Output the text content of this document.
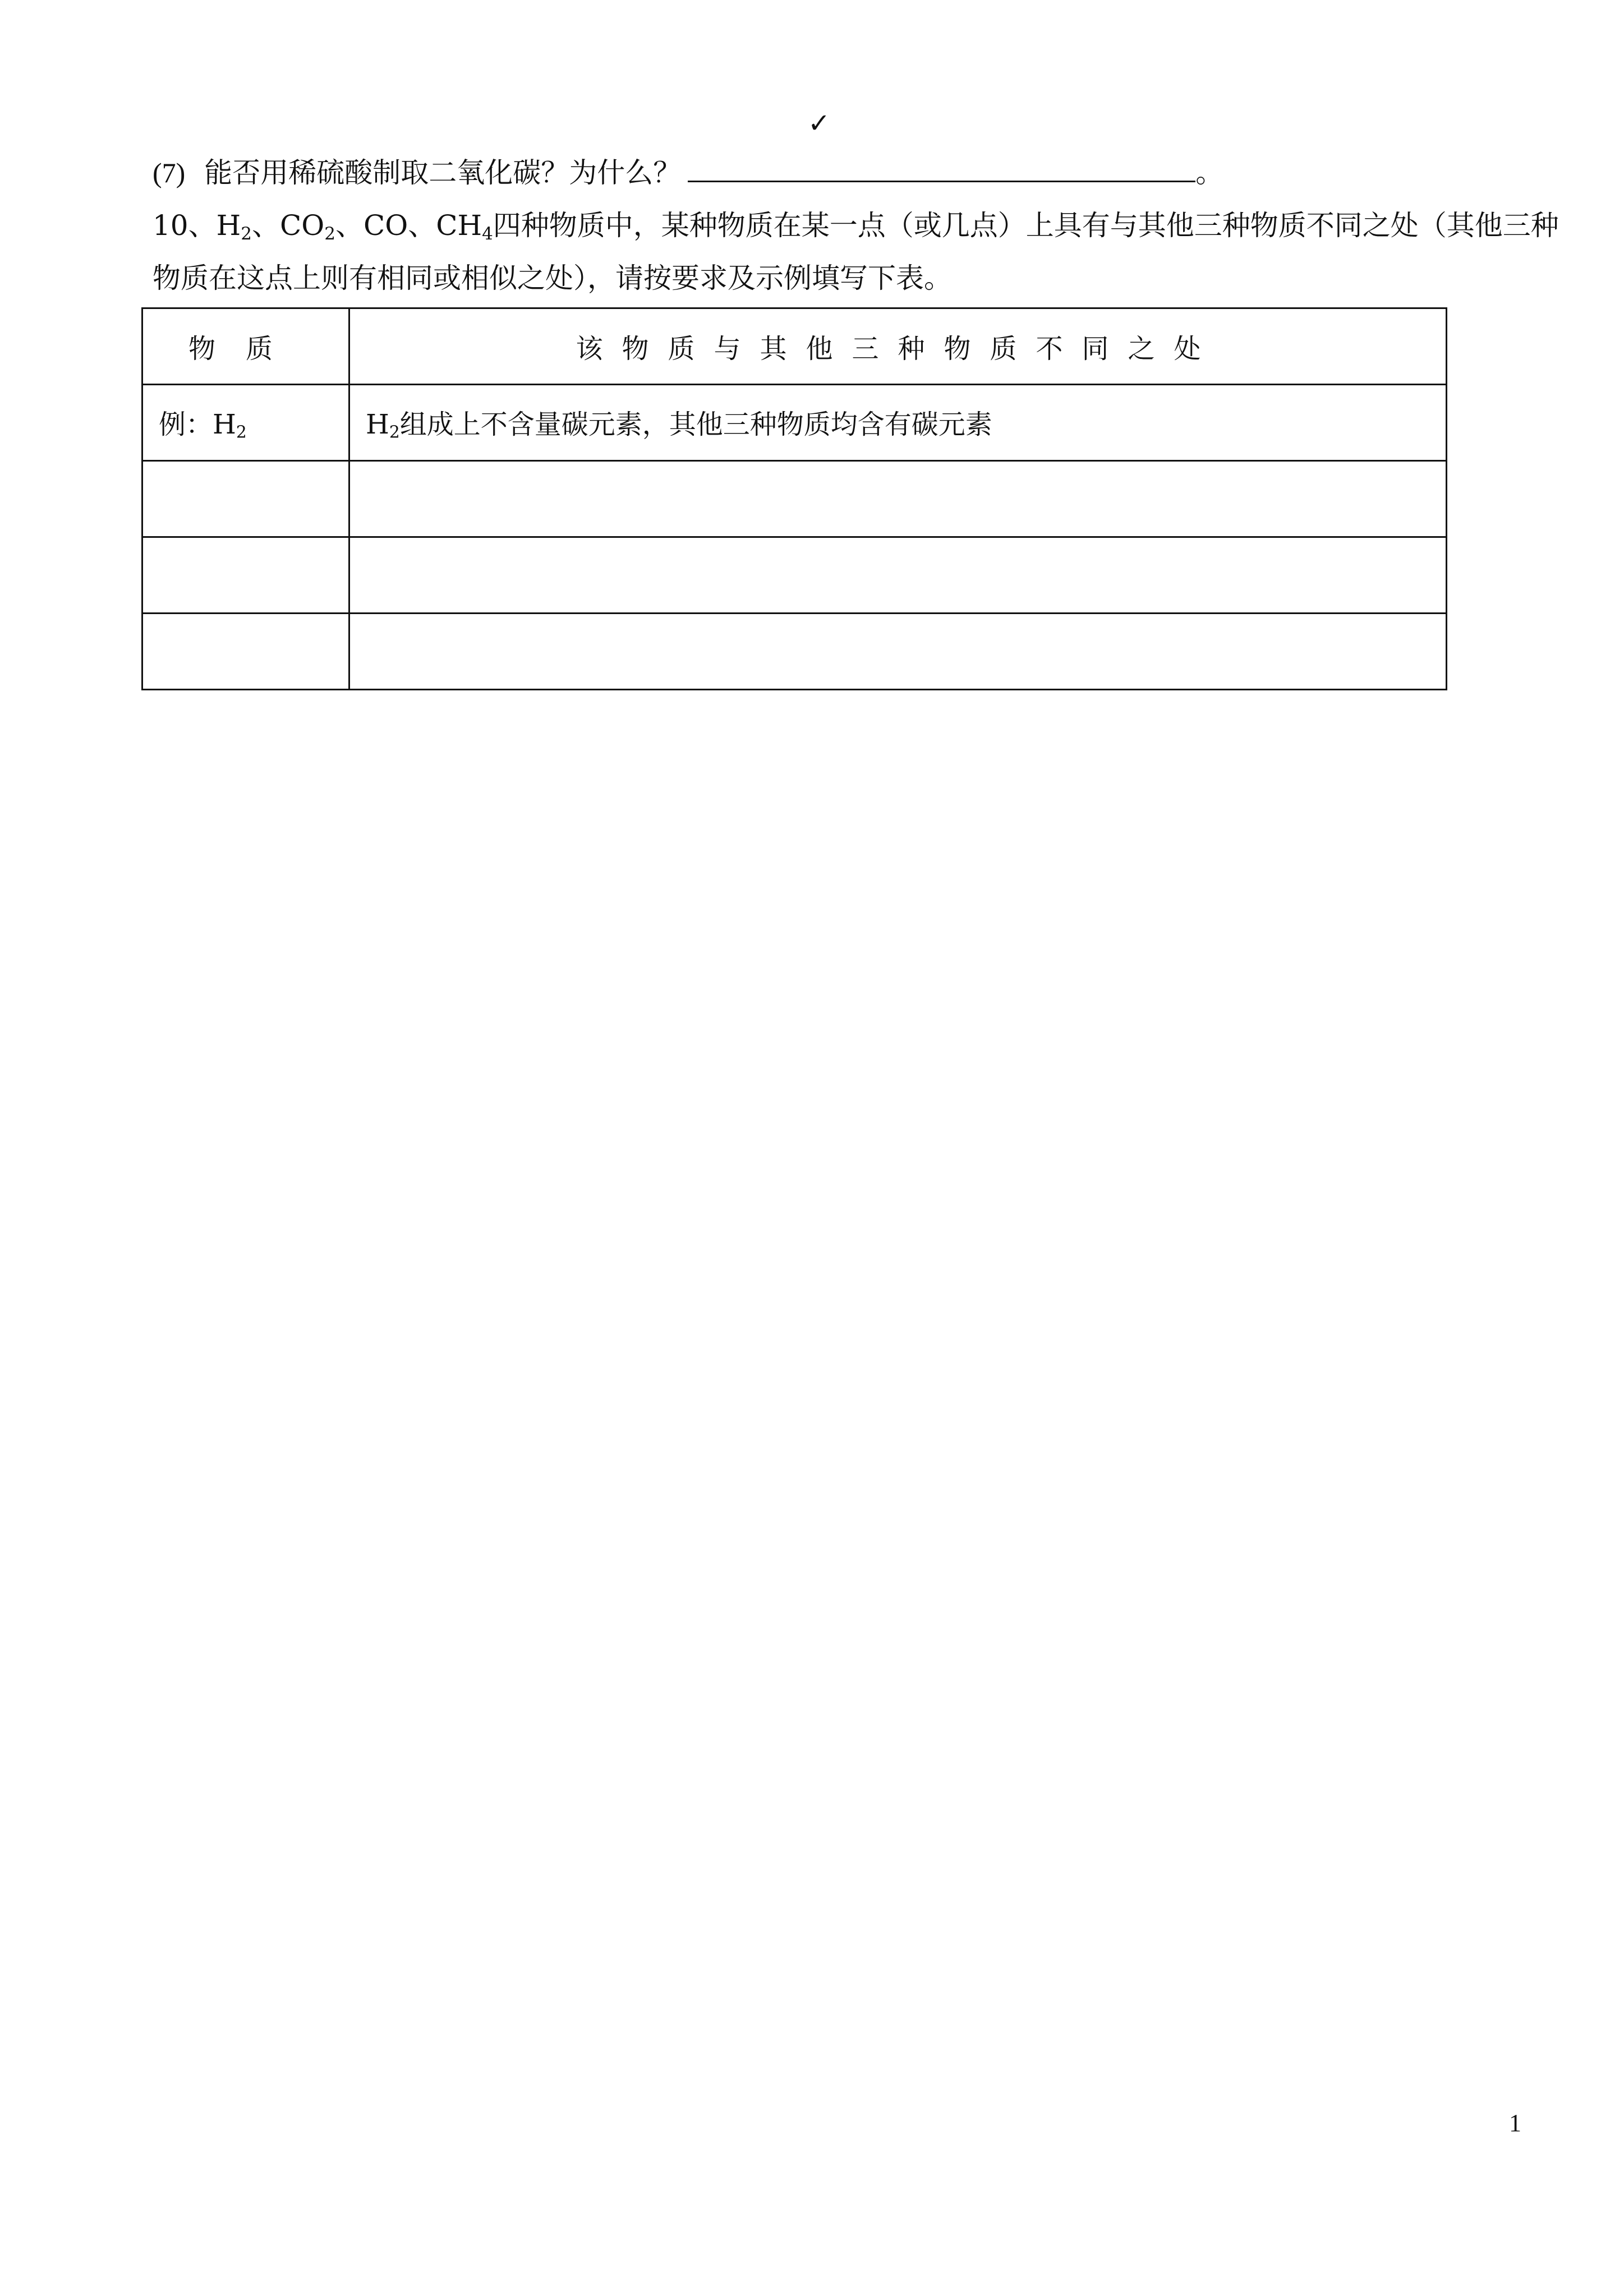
✓
(7) 能否用稀硫酸制取二氧化碳？为什么？	。
10、$H_2$、$CO_2$、CO、$CH_4$四种物质中，某种物质在某一点（或几点）上具有与其他三种物质不同之处（其他三种
物质在这点上则有相同或相似之处），请按要求及示例填写下表。
物质	该物质与其他三种物质不同之处
例：$H_2$	$H_2$组成上不含量碳元素，其他三种物质均含有碳元素

1
